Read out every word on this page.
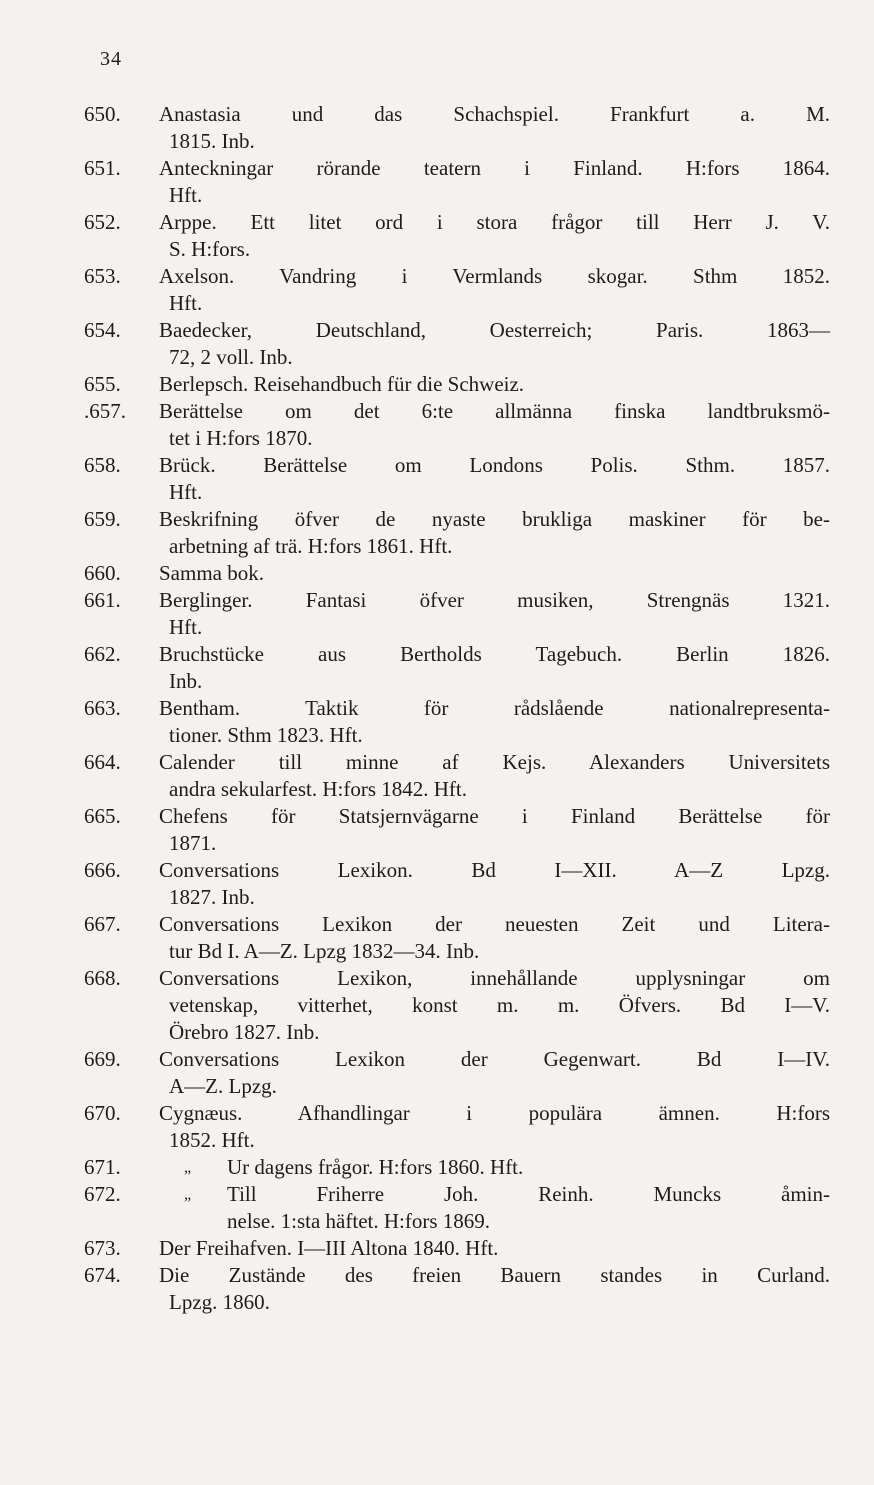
34
650.	Anastasia und das Schachspiel. Frankfurt a. M.
1815. Inb.
651.	Anteckningar rörande teatern i Finland. H:fors 1864.
Hft.
652.	Arppe. Ett litet ord i stora frågor till Herr J. V.
S. H:fors.
653.	Axelson. Vandring i Vermlands skogar. Sthm 1852.
Hft.
654.	Baedecker, Deutschland, Oesterreich; Paris. 1863—
72, 2 voll. Inb.
655.	Berlepsch. Reisehandbuch für die Schweiz.
.657.	Berättelse om det 6:te allmänna finska landtbruksmö-
tet i H:fors 1870.
658.	Brück. Berättelse om Londons Polis. Sthm. 1857.
Hft.
659.	Beskrifning öfver de nyaste brukliga maskiner för be-
arbetning af trä. H:fors 1861. Hft.
660.	Samma bok.
661.	Berglinger. Fantasi öfver musiken, Strengnäs 1321.
Hft.
662.	Bruchstücke aus Bertholds Tagebuch. Berlin 1826.
Inb.
663.	Bentham. Taktik för rådslående nationalrepresenta-
tioner. Sthm 1823. Hft.
664.	Calender till minne af Kejs. Alexanders Universitets
andra sekularfest. H:fors 1842. Hft.
665.	Chefens för Statsjernvägarne i Finland Berättelse för
1871.
666.	Conversations Lexikon. Bd I—XII. A—Z Lpzg.
1827. Inb.
667.	Conversations Lexikon der neuesten Zeit und Litera-
tur Bd I. A—Z. Lpzg 1832—34. Inb.
668.	Conversations Lexikon, innehållande upplysningar om
vetenskap, vitterhet, konst m. m. Öfvers. Bd I—V.
Örebro 1827. Inb.
669.	Conversations Lexikon der Gegenwart. Bd I—IV.
A—Z. Lpzg.
670.	Cygnæus. Afhandlingar i populära ämnen. H:fors
1852. Hft.
671.	„ Ur dagens frågor. H:fors 1860. Hft.
672.	„ Till Friherre Joh. Reinh. Muncks åmin-
nelse. 1:sta häftet. H:fors 1869.
673.	Der Freihafven. I—III Altona 1840. Hft.
674.	Die Zustände des freien Bauern standes in Curland.
Lpzg. 1860.
